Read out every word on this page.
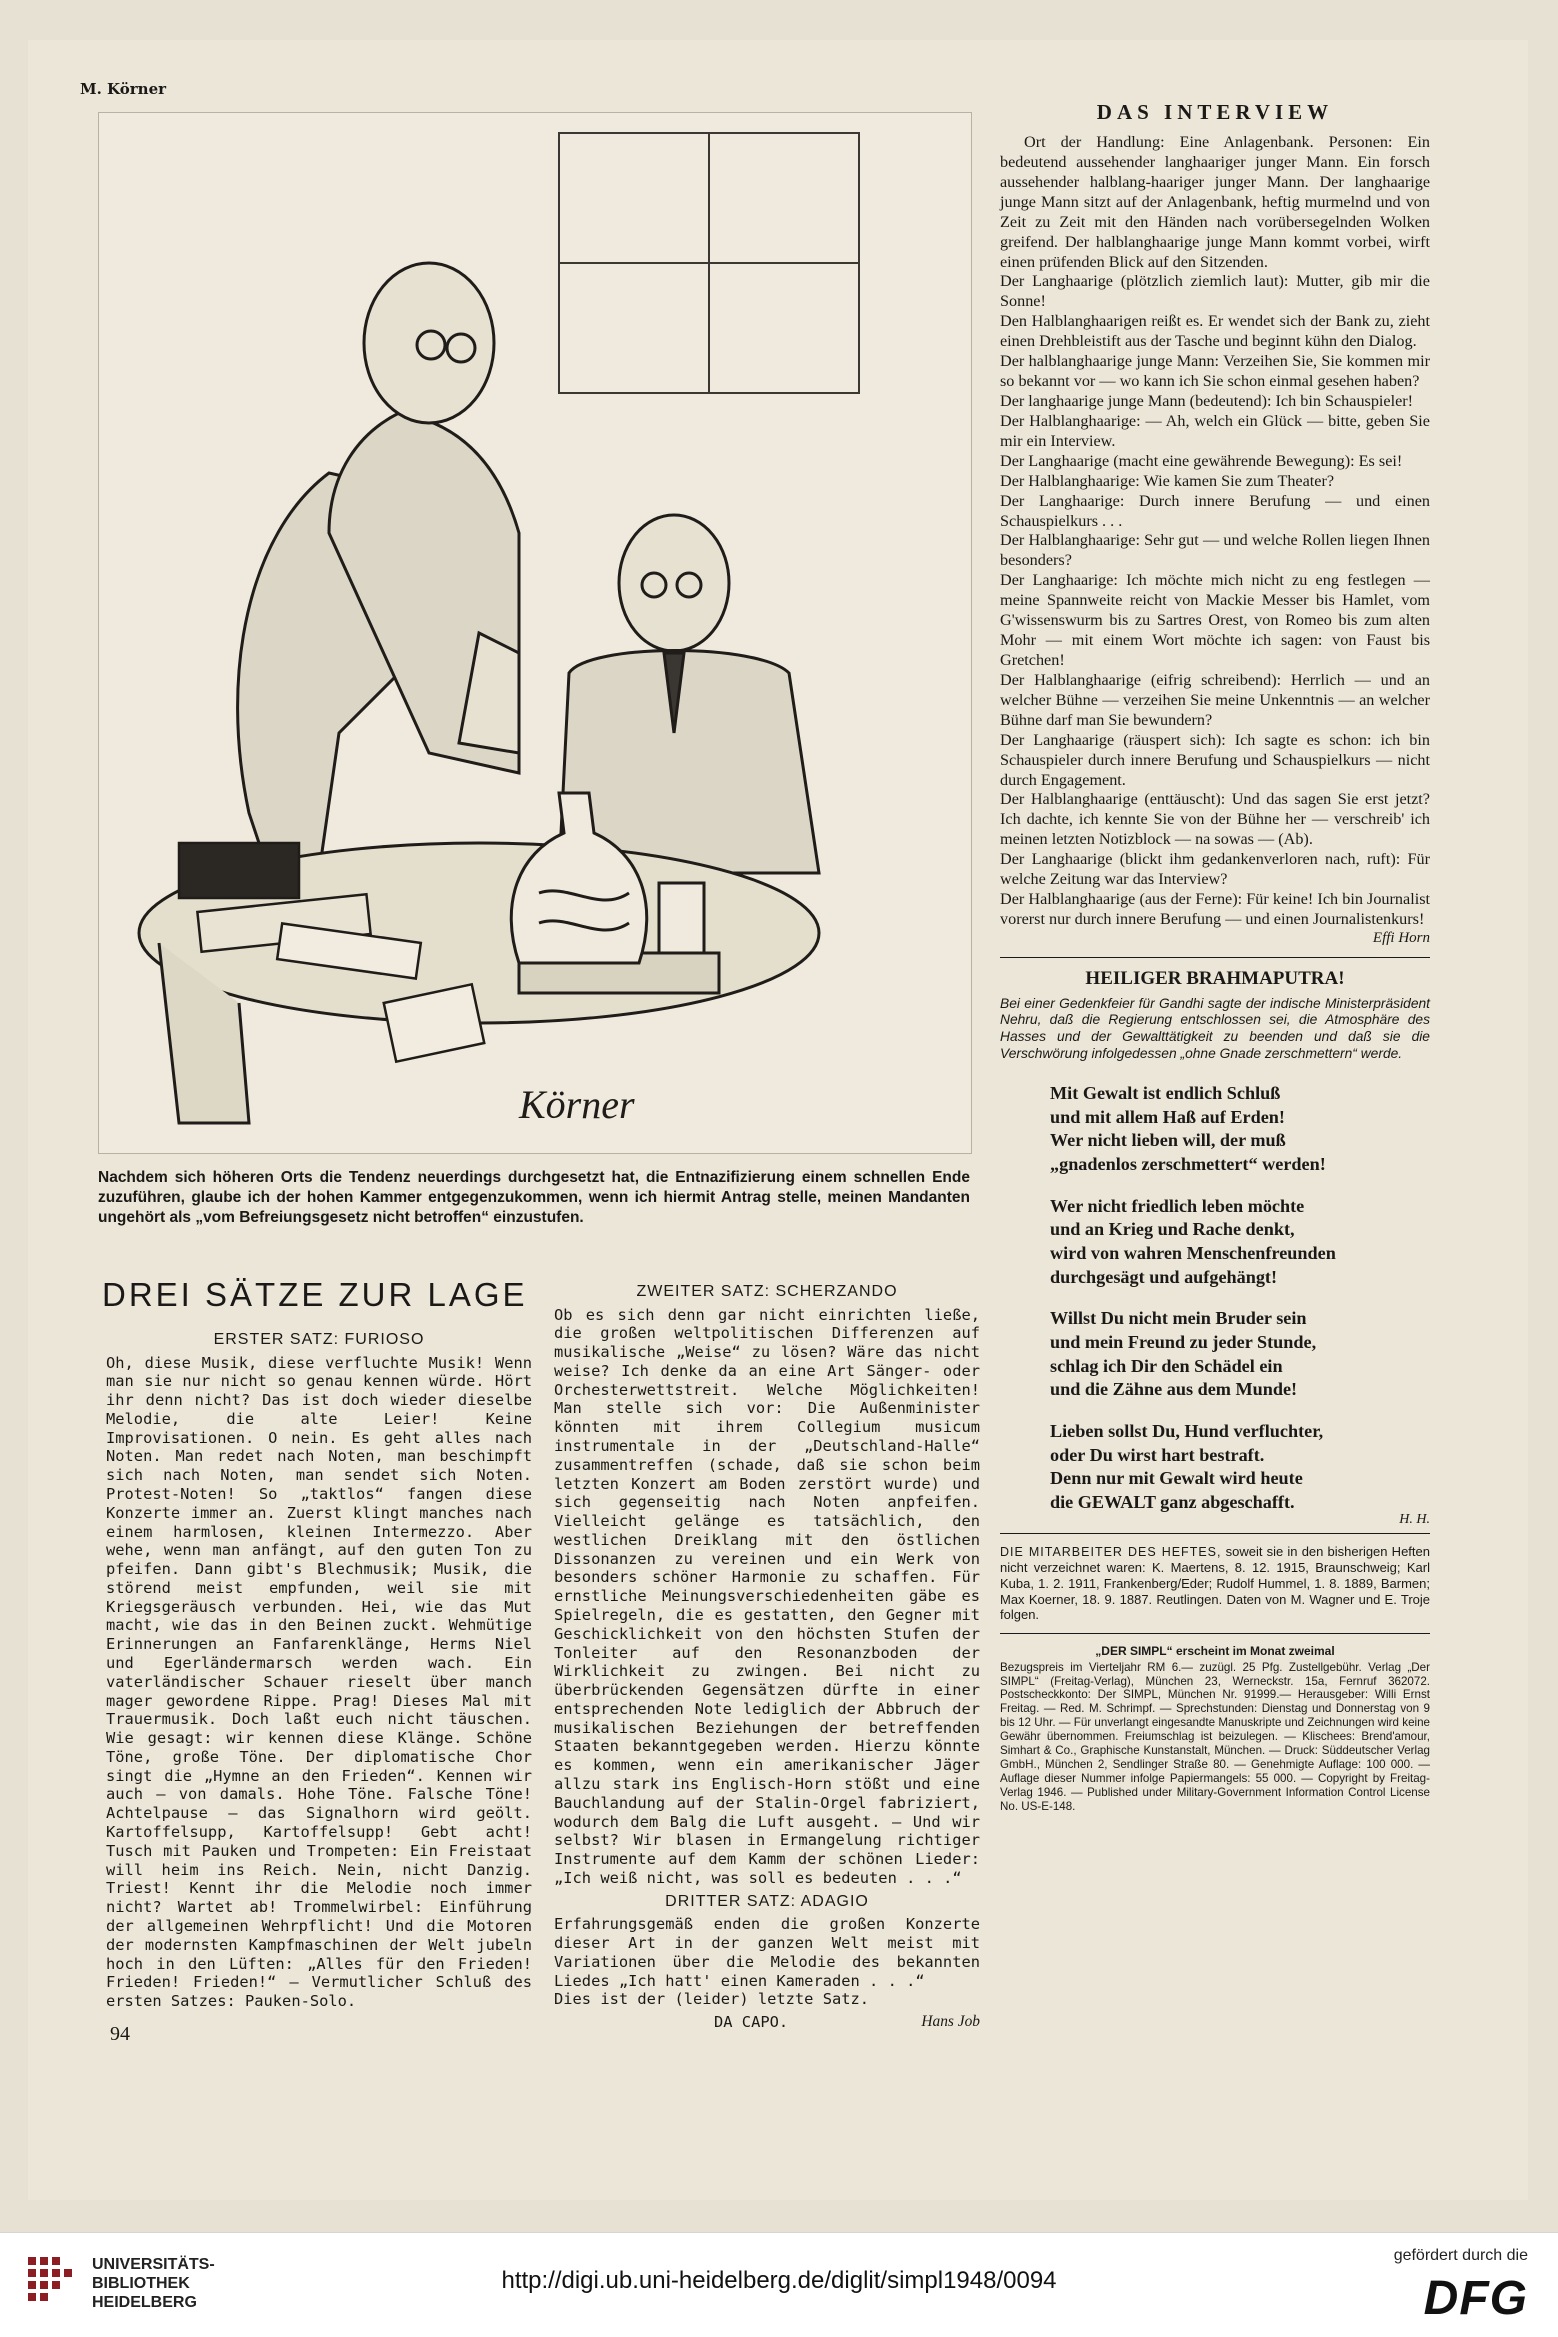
M. Körner
Körner
Nachdem sich höheren Orts die Tendenz neuerdings durchgesetzt hat, die Entnazifizierung einem schnellen Ende zuzuführen, glaube ich der hohen Kammer entgegenzukommen, wenn ich hiermit Antrag stelle, meinen Mandanten ungehört als „vom Befreiungsgesetz nicht betroffen“ einzustufen.
DAS INTERVIEW

Ort der Handlung: Eine Anlagenbank. Personen: Ein bedeutend aussehender langhaariger junger Mann. Ein forsch aussehender halblang-haariger junger Mann. Der langhaarige junge Mann sitzt auf der Anlagenbank, heftig murmelnd und von Zeit zu Zeit mit den Händen nach vorübersegelnden Wolken greifend. Der halblanghaarige junge Mann kommt vorbei, wirft einen prüfenden Blick auf den Sitzenden.

Der Langhaarige (plötzlich ziemlich laut): Mutter, gib mir die Sonne!

Den Halblanghaarigen reißt es. Er wendet sich der Bank zu, zieht einen Drehbleistift aus der Tasche und beginnt kühn den Dialog.

Der halblanghaarige junge Mann: Verzeihen Sie, Sie kommen mir so bekannt vor — wo kann ich Sie schon einmal gesehen haben?

Der langhaarige junge Mann (bedeutend): Ich bin Schauspieler!

Der Halblanghaarige: — Ah, welch ein Glück — bitte, geben Sie mir ein Interview.

Der Langhaarige (macht eine gewährende Bewegung): Es sei!

Der Halblanghaarige: Wie kamen Sie zum Theater?

Der Langhaarige: Durch innere Berufung — und einen Schauspielkurs . . .

Der Halblanghaarige: Sehr gut — und welche Rollen liegen Ihnen besonders?

Der Langhaarige: Ich möchte mich nicht zu eng festlegen — meine Spannweite reicht von Mackie Messer bis Hamlet, vom G'wissenswurm bis zu Sartres Orest, von Romeo bis zum alten Mohr — mit einem Wort möchte ich sagen: von Faust bis Gretchen!

Der Halblanghaarige (eifrig schreibend): Herrlich — und an welcher Bühne — verzeihen Sie meine Unkenntnis — an welcher Bühne darf man Sie bewundern?

Der Langhaarige (räuspert sich): Ich sagte es schon: ich bin Schauspieler durch innere Berufung und Schauspielkurs — nicht durch Engagement.

Der Halblanghaarige (enttäuscht): Und das sagen Sie erst jetzt? Ich dachte, ich kennte Sie von der Bühne her — verschreib' ich meinen letzten Notizblock — na sowas — (Ab).

Der Langhaarige (blickt ihm gedankenverloren nach, ruft): Für welche Zeitung war das Interview?

Der Halblanghaarige (aus der Ferne): Für keine! Ich bin Journalist vorerst nur durch innere Berufung — und einen Journalistenkurs!

Effi Horn
HEILIGER BRAHMAPUTRA!
Bei einer Gedenkfeier für Gandhi sagte der indische Ministerpräsident Nehru, daß die Regierung entschlossen sei, die Atmosphäre des Hasses und der Gewalttätigkeit zu beenden und daß sie die Verschwörung infolgedessen „ohne Gnade zerschmettern“ werde.
Mit Gewalt ist endlich Schluß
und mit allem Haß auf Erden!
Wer nicht lieben will, der muß
„gnadenlos zerschmettert“ werden!
Wer nicht friedlich leben möchte
und an Krieg und Rache denkt,
wird von wahren Menschenfreunden
durchgesägt und aufgehängt!
Willst Du nicht mein Bruder sein
und mein Freund zu jeder Stunde,
schlag ich Dir den Schädel ein
und die Zähne aus dem Munde!
Lieben sollst Du, Hund verfluchter,
oder Du wirst hart bestraft.
Denn nur mit Gewalt wird heute
die GEWALT ganz abgeschafft.
H. H.
DIE MITARBEITER DES HEFTES, soweit sie in den bisherigen Heften nicht verzeichnet waren: K. Maertens, 8. 12. 1915, Braunschweig; Karl Kuba, 1. 2. 1911, Frankenberg/Eder; Rudolf Hummel, 1. 8. 1889, Barmen; Max Koerner, 18. 9. 1887. Reutlingen. Daten von M. Wagner und E. Troje folgen.
„DER SIMPL“ erscheint im Monat zweimal
Bezugspreis im Vierteljahr RM 6.— zuzügl. 25 Pfg. Zustellgebühr. Verlag „Der SIMPL“ (Freitag-Verlag), München 23, Werneckstr. 15a, Fernruf 362072. Postscheckkonto: Der SIMPL, München Nr. 91999.— Herausgeber: Willi Ernst Freitag. — Red. M. Schrimpf. — Sprechstunden: Dienstag und Donnerstag von 9 bis 12 Uhr. — Für unverlangt eingesandte Manuskripte und Zeichnungen wird keine Gewähr übernommen. Freiumschlag ist beizulegen. — Klischees: Brend'amour, Simhart & Co., Graphische Kunstanstalt, München. — Druck: Süddeutscher Verlag GmbH., München 2, Sendlinger Straße 80. — Genehmigte Auflage: 100 000. — Auflage dieser Nummer infolge Papiermangels: 55 000. — Copyright by Freitag-Verlag 1946. — Published under Military-Government Information Control License No. US-E-148.
DREI SÄTZE ZUR LAGE
ERSTER SATZ: FURIOSO

Oh, diese Musik, diese verfluchte Musik! Wenn man sie nur nicht so genau kennen würde. Hört ihr denn nicht? Das ist doch wieder dieselbe Melodie, die alte Leier! Keine Improvisationen. O nein. Es geht alles nach Noten. Man redet nach Noten, man beschimpft sich nach Noten, man sendet sich Noten. Protest-Noten! So „taktlos“ fangen diese Konzerte immer an. Zuerst klingt manches nach einem harmlosen, kleinen Intermezzo. Aber wehe, wenn man anfängt, auf den guten Ton zu pfeifen. Dann gibt's Blechmusik; Musik, die störend meist empfunden, weil sie mit Kriegsgeräusch verbunden. Hei, wie das Mut macht, wie das in den Beinen zuckt. Wehmütige Erinnerungen an Fanfarenklänge, Herms Niel und Egerländermarsch werden wach. Ein vaterländischer Schauer rieselt über manch mager gewordene Rippe. Prag! Dieses Mal mit Trauermusik. Doch laßt euch nicht täuschen. Wie gesagt: wir kennen diese Klänge. Schöne Töne, große Töne. Der diplomatische Chor singt die „Hymne an den Frieden“. Kennen wir auch — von damals. Hohe Töne. Falsche Töne! Achtelpause — das Signalhorn wird geölt. Kartoffelsupp, Kartoffelsupp! Gebt acht! Tusch mit Pauken und Trompeten: Ein Freistaat will heim ins Reich. Nein, nicht Danzig. Triest! Kennt ihr die Melodie noch immer nicht? Wartet ab! Trommelwirbel: Einführung der allgemeinen Wehrpflicht! Und die Motoren der modernsten Kampfmaschinen der Welt jubeln hoch in den Lüften: „Alles für den Frieden! Frieden! Frieden!“ — Vermutlicher Schluß des ersten Satzes: Pauken-Solo.

ZWEITER SATZ: SCHERZANDO

Ob es sich denn gar nicht einrichten ließe, die großen weltpolitischen Differenzen auf musikalische „Weise“ zu lösen? Wäre das nicht weise? Ich denke da an eine Art Sänger- oder Orchesterwettstreit. Welche Möglichkeiten! Man stelle sich vor: Die Außenminister könnten mit ihrem Collegium musicum instrumentale in der „Deutschland-Halle“ zusammentreffen (schade, daß sie schon beim letzten Konzert am Boden zerstört wurde) und sich gegenseitig nach Noten anpfeifen. Vielleicht gelänge es tatsächlich, den westlichen Dreiklang mit den östlichen Dissonanzen zu vereinen und ein Werk von besonders schöner Harmonie zu schaffen. Für ernstliche Meinungsverschiedenheiten gäbe es Spielregeln, die es gestatten, den Gegner mit Geschicklichkeit von den höchsten Stufen der Tonleiter auf den Resonanzboden der Wirklichkeit zu zwingen. Bei nicht zu überbrückenden Gegensätzen dürfte in einer entsprechenden Note lediglich der Abbruch der musikalischen Beziehungen der betreffenden Staaten bekanntgegeben werden. Hierzu könnte es kommen, wenn ein amerikanischer Jäger allzu stark ins Englisch-Horn stößt und eine Bauchlandung auf der Stalin-Orgel fabriziert, wodurch dem Balg die Luft ausgeht. — Und wir selbst? Wir blasen in Ermangelung richtiger Instrumente auf dem Kamm der schönen Lieder: „Ich weiß nicht, was soll es bedeuten . . .“

DRITTER SATZ: ADAGIO

Erfahrungsgemäß enden die großen Konzerte dieser Art in der ganzen Welt meist mit Variationen über die Melodie des bekannten Liedes „Ich hatt' einen Kameraden . . .“

Dies ist der (leider) letzte Satz.

DA CAPO.	Hans Job
94
UNIVERSITÄTS-
BIBLIOTHEK
HEIDELBERG
http://digi.ub.uni-heidelberg.de/diglit/simpl1948/0094
gefördert durch die
DFG
